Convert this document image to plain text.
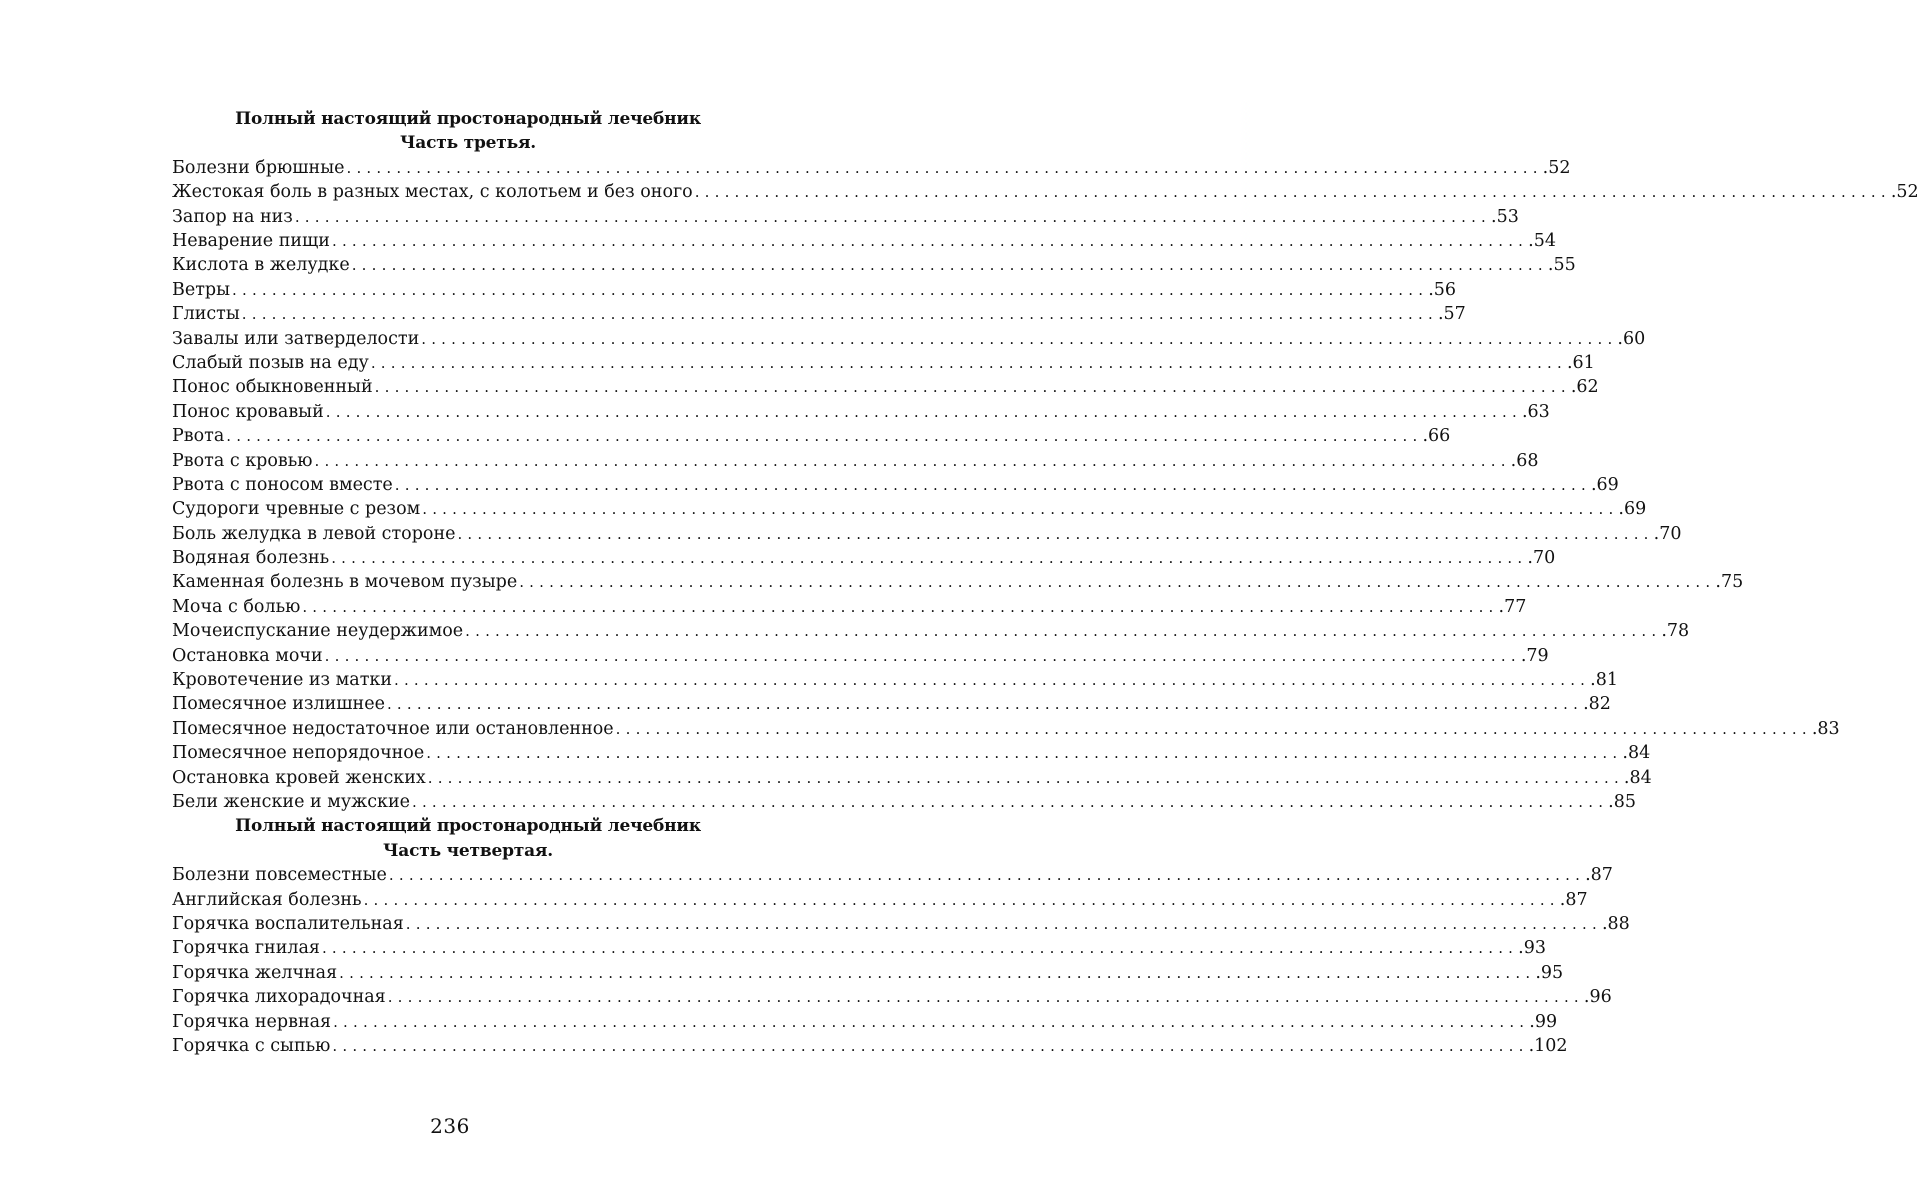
Полный настоящий простонародный лечебник
Часть третья.
Болезни брюшные ........................................................................................................................ .52
Жестокая боль в разных местах, с колотьем и без оного ........................................................................................................................ .52
Запор на низ ........................................................................................................................ .53
Неварение пищи ........................................................................................................................ .54
Кислота в желудке ........................................................................................................................ .55
Ветры ........................................................................................................................ .56
Глисты ........................................................................................................................ .57
Завалы или затверделости ........................................................................................................................ .60
Слабый позыв на еду ........................................................................................................................ .61
Понос обыкновенный ........................................................................................................................ .62
Понос кровавый ........................................................................................................................ .63
Рвота ........................................................................................................................ .66
Рвота с кровью ........................................................................................................................ .68
Рвота с поносом вместе ........................................................................................................................ .69
Судороги чревные с резом ........................................................................................................................ .69
Боль желудка в левой стороне ........................................................................................................................ .70
Водяная болезнь ........................................................................................................................ .70
Каменная болезнь в мочевом пузыре ........................................................................................................................ .75
Моча с болью ........................................................................................................................ .77
Мочеиспускание неудержимое ........................................................................................................................ .78
Остановка мочи ........................................................................................................................ .79
Кровотечение из матки ........................................................................................................................ .81
Помесячное излишнее ........................................................................................................................ .82
Помесячное недостаточное или остановленное ........................................................................................................................ .83
Помесячное непорядочное ........................................................................................................................ .84
Остановка кровей женских ........................................................................................................................ .84
Бели женские и мужские ........................................................................................................................ .85
Полный настоящий простонародный лечебник
Часть четвертая.
Болезни повсеместные ........................................................................................................................ .87
Английская болезнь ........................................................................................................................ .87
Горячка воспалительная ........................................................................................................................ .88
Горячка гнилая ........................................................................................................................ .93
Горячка желчная ........................................................................................................................ .95
Горячка лихорадочная ........................................................................................................................ .96
Горячка нервная ........................................................................................................................ .99
Горячка с сыпью ........................................................................................................................ .102
236
